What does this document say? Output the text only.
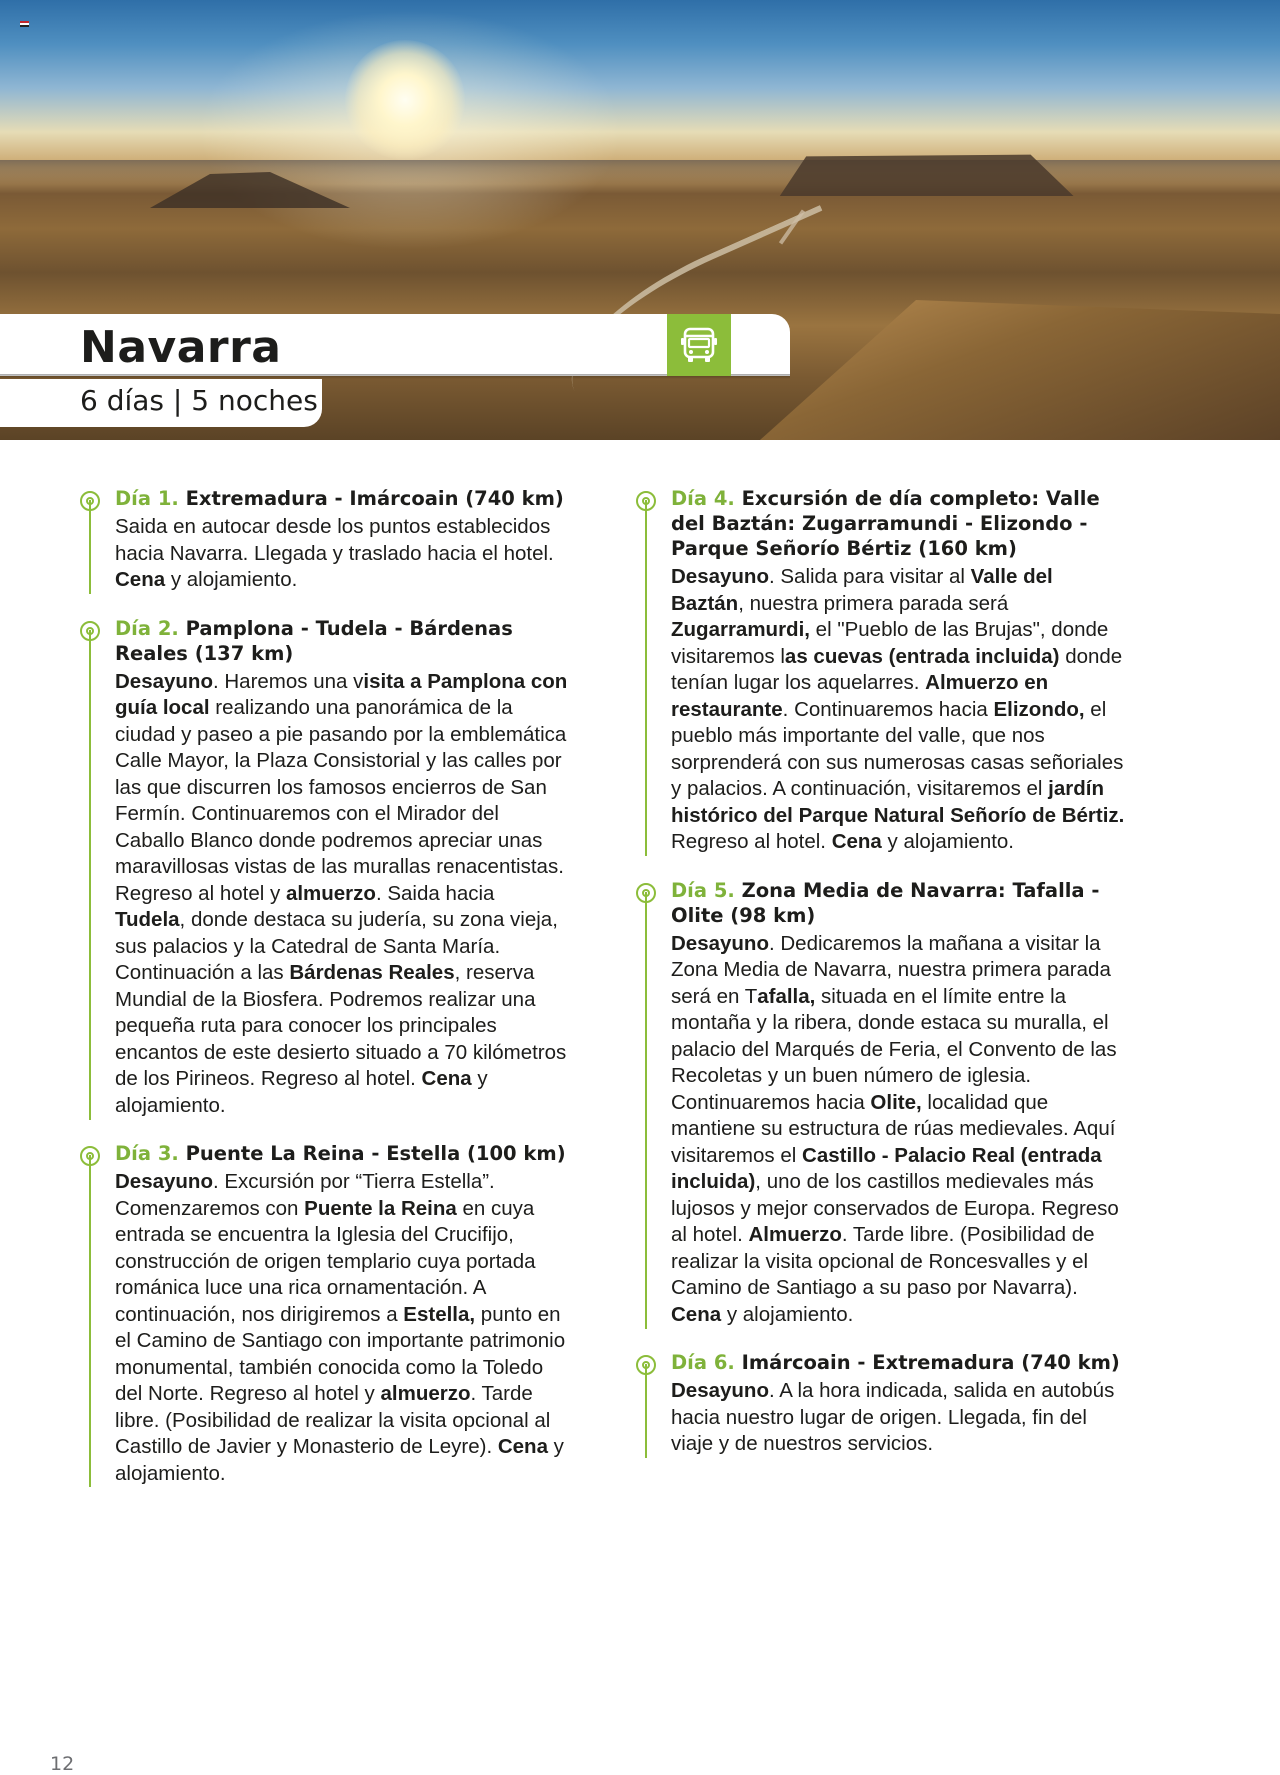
Navarra

6 días | 5 noches

Día 1. Extremadura - Imárcoain (740 km)

Saida en autocar desde los puntos establecidos hacia Navarra. Llegada y traslado hacia el hotel. Cena y alojamiento.

Día 2. Pamplona - Tudela - Bárdenas Reales (137 km)

Desayuno. Haremos una visita a Pamplona con guía local realizando una panorámica de la ciudad y paseo a pie pasando por la emblemática Calle Mayor, la Plaza Consistorial y las calles por las que discurren los famosos encierros de San Fermín. Continuaremos con el Mirador del Caballo Blanco donde podremos apreciar unas maravillosas vistas de las murallas renacentistas. Regreso al hotel y almuerzo. Saida hacia Tudela, donde destaca su judería, su zona vieja, sus palacios y la Catedral de Santa María. Continuación a las Bárdenas Reales, reserva Mundial de la Biosfera. Podremos realizar una pequeña ruta para conocer los principales encantos de este desierto situado a 70 kilómetros de los Pirineos. Regreso al hotel. Cena y alojamiento.

Día 3. Puente La Reina - Estella (100 km)

Desayuno. Excursión por “Tierra Estella”. Comenzaremos con Puente la Reina en cuya entrada se encuentra la Iglesia del Crucifijo, construcción de origen templario cuya portada románica luce una rica ornamentación. A continuación, nos dirigiremos a Estella, punto en el Camino de Santiago con importante patrimonio monumental, también conocida como la Toledo del Norte. Regreso al hotel y almuerzo. Tarde libre. (Posibilidad de realizar la visita opcional al Castillo de Javier y Monasterio de Leyre). Cena y alojamiento.

Día 4. Excursión de día completo: Valle del Baztán: Zugarramundi - Elizondo - Parque Señorío Bértiz (160 km)

Desayuno. Salida para visitar al Valle del Baztán, nuestra primera parada será Zugarramurdi, el "Pueblo de las Brujas", donde visitaremos las cuevas (entrada incluida) donde tenían lugar los aquelarres. Almuerzo en restaurante. Continuaremos hacia Elizondo, el pueblo más importante del valle, que nos sorprenderá con sus numerosas casas señoriales y palacios. A continuación, visitaremos el jardín histórico del Parque Natural Señorío de Bértiz. Regreso al hotel. Cena y alojamiento.

Día 5. Zona Media de Navarra: Tafalla - Olite (98 km)

Desayuno. Dedicaremos la mañana a visitar la Zona Media de Navarra, nuestra primera parada será en Tafalla, situada en el límite entre la montaña y la ribera, donde estaca su muralla, el palacio del Marqués de Feria, el Convento de las Recoletas y un buen número de iglesia. Continuaremos hacia Olite, localidad que mantiene su estructura de rúas medievales. Aquí visitaremos el Castillo - Palacio Real (entrada incluida), uno de los castillos medievales más lujosos y mejor conservados de Europa. Regreso al hotel. Almuerzo. Tarde libre. (Posibilidad de realizar la visita opcional de Roncesvalles y el Camino de Santiago a su paso por Navarra). Cena y alojamiento.

Día 6. Imárcoain - Extremadura (740 km)

Desayuno. A la hora indicada, salida en autobús hacia nuestro lugar de origen. Llegada, fin del viaje y de nuestros servicios.

12
